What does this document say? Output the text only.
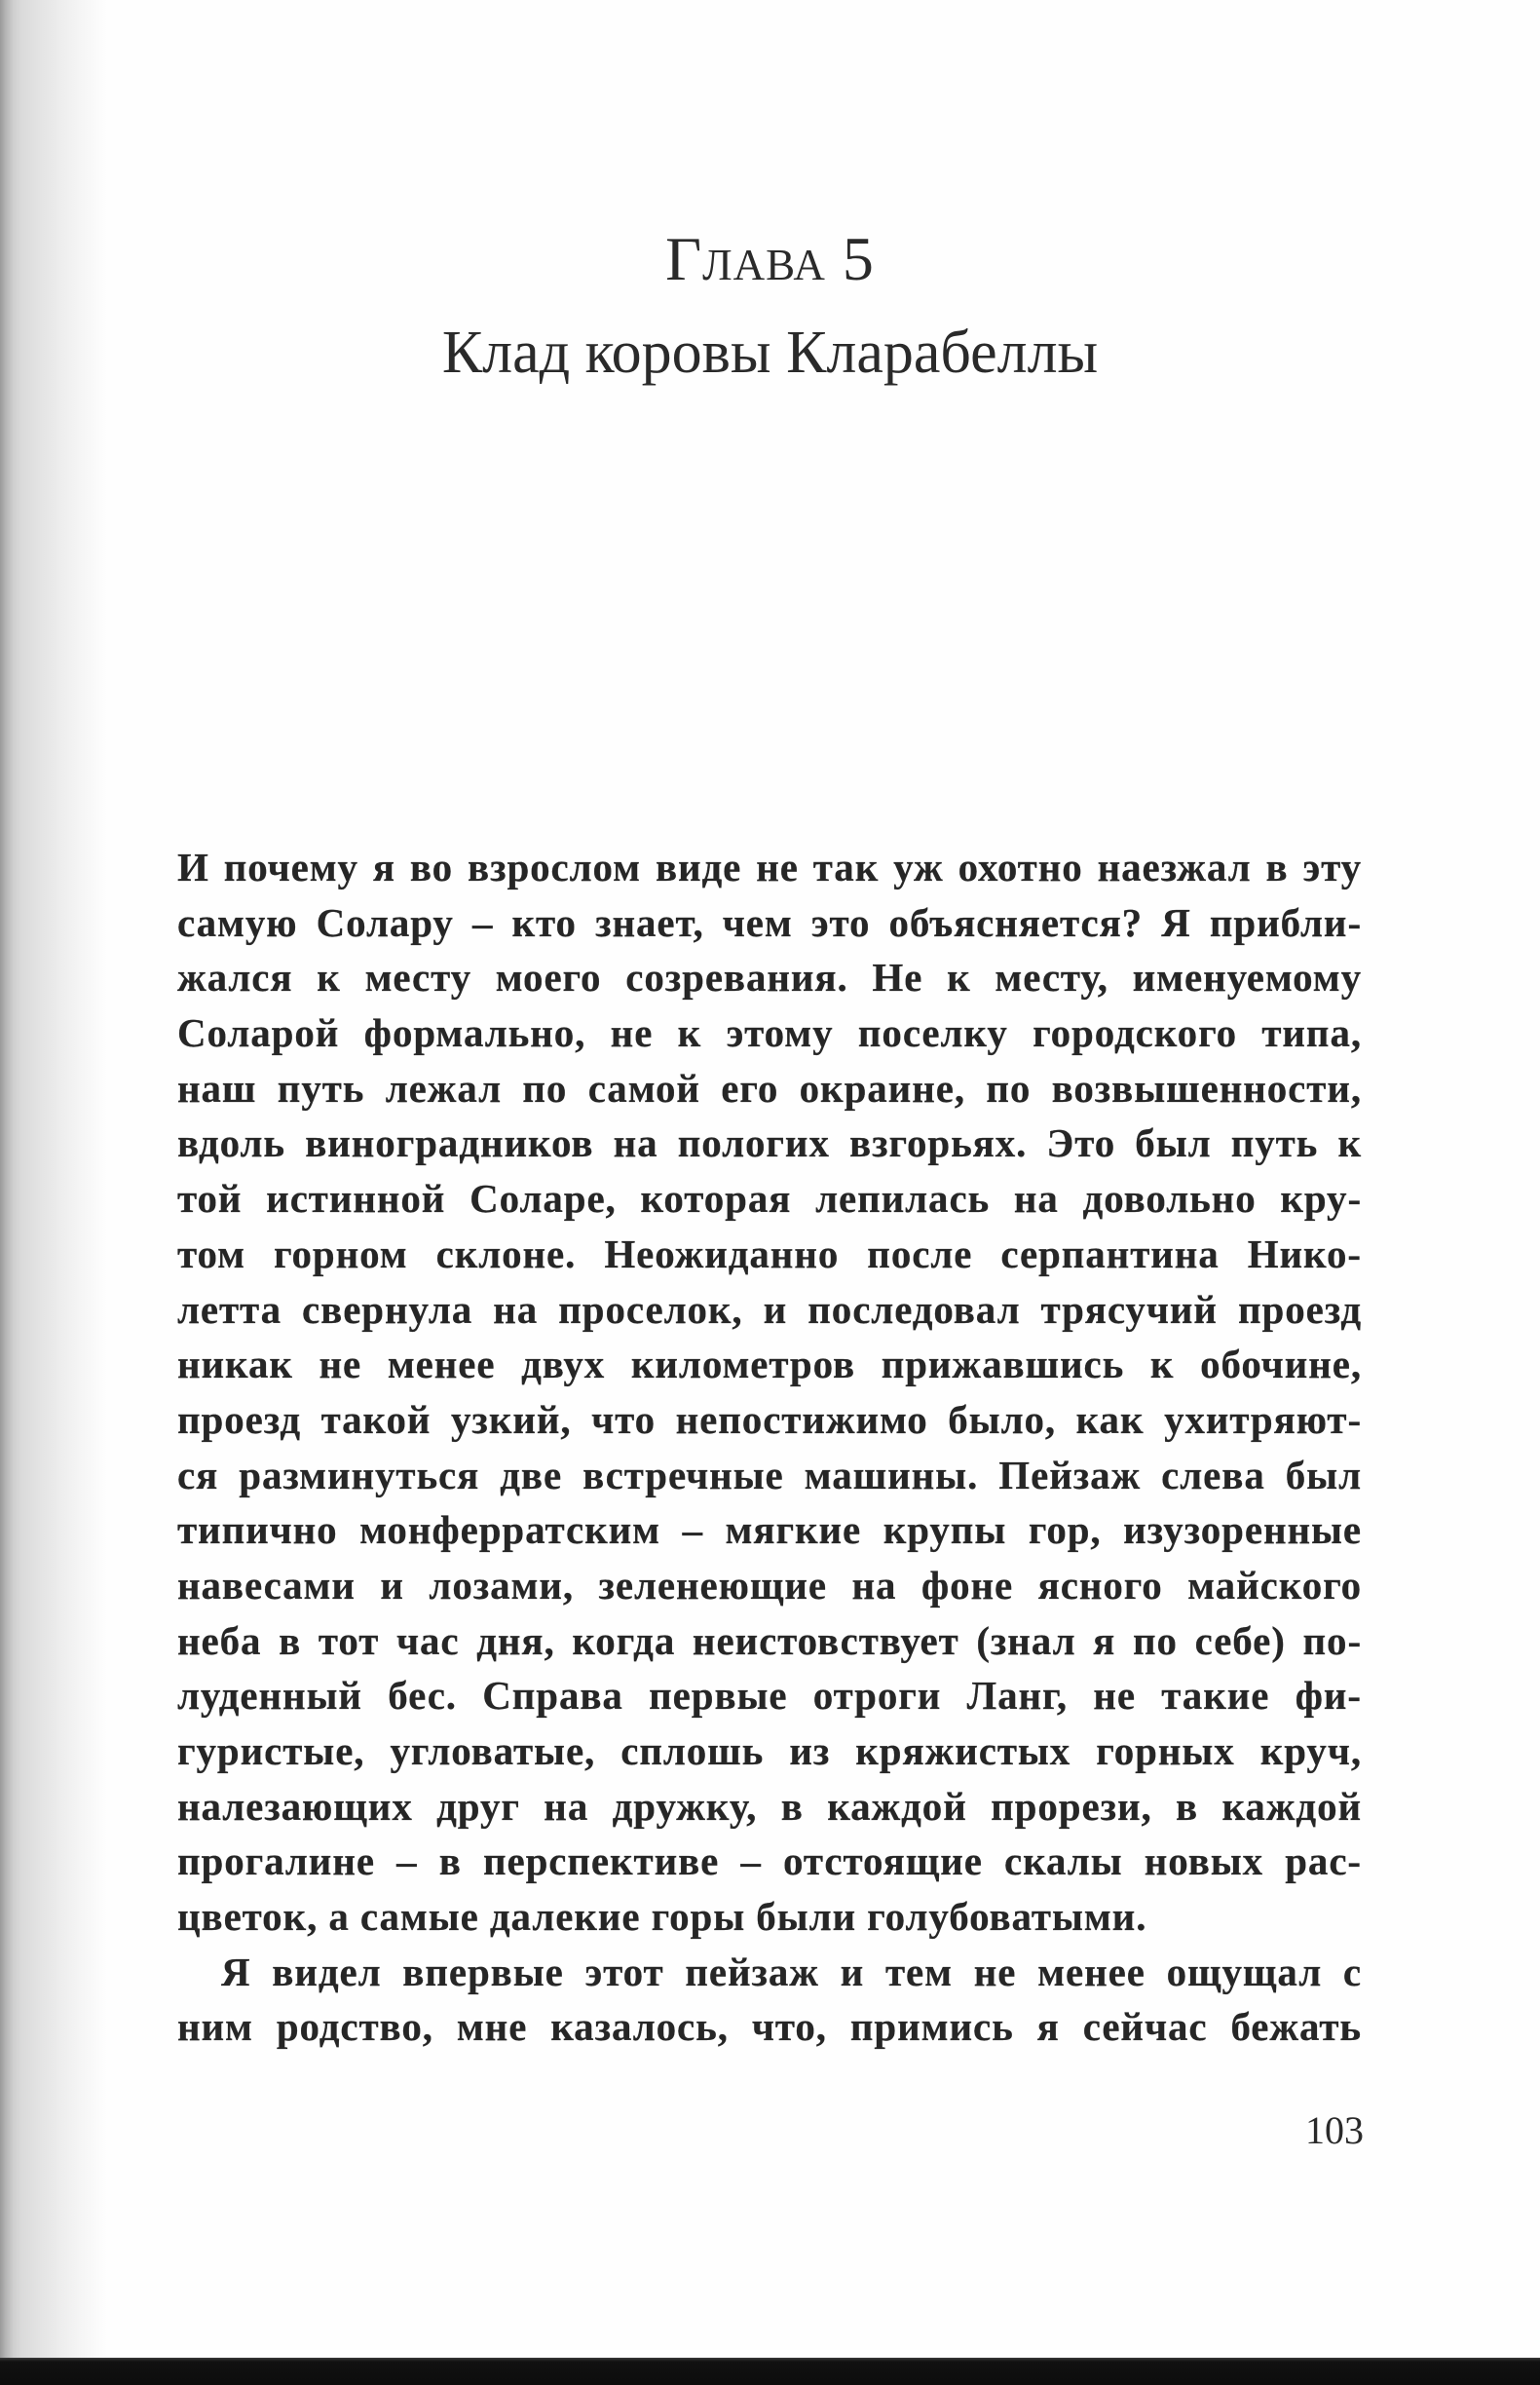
Глава 5
Клад коровы Кларабеллы
И почему я во взрослом виде не так уж охотно наезжал в эту
самую Солару – кто знает, чем это объясняется? Я прибли-
жался к месту моего созревания. Не к месту, именуемому
Соларой формально, не к этому поселку городского типа,
наш путь лежал по самой его окраине, по возвышенности,
вдоль виноградников на пологих взгорьях. Это был путь к
той истинной Соларе, которая лепилась на довольно кру-
том горном склоне. Неожиданно после серпантина Нико-
летта свернула на проселок, и последовал трясучий проезд
никак не менее двух километров прижавшись к обочине,
проезд такой узкий, что непостижимо было, как ухитряют-
ся разминуться две встречные машины. Пейзаж слева был
типично монферратским – мягкие крупы гор, изузоренные
навесами и лозами, зеленеющие на фоне ясного майского
неба в тот час дня, когда неистовствует (знал я по себе) по-
луденный бес. Справа первые отроги Ланг, не такие фи-
гуристые, угловатые, сплошь из кряжистых горных круч,
налезающих друг на дружку, в каждой прорези, в каждой
прогалине – в перспективе – отстоящие скалы новых рас-
цветок, а самые далекие горы были голубоватыми.
Я видел впервые этот пейзаж и тем не менее ощущал с
ним родство, мне казалось, что, примись я сейчас бежать
103
